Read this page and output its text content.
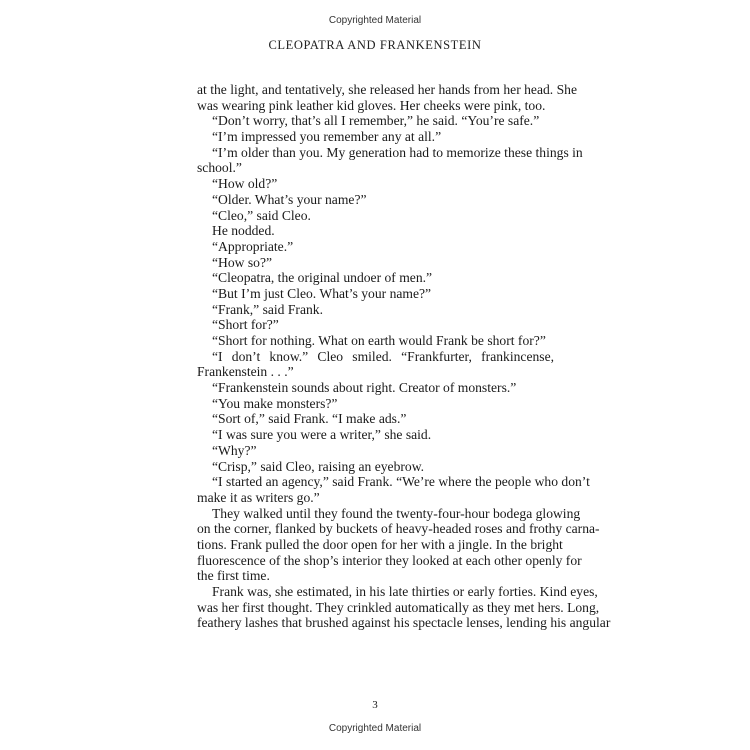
Copyrighted Material
CLEOPATRA AND FRANKENSTEIN
at the light, and tentatively, she released her hands from her head. She
was wearing pink leather kid gloves. Her cheeks were pink, too.
“Don’t worry, that’s all I remember,” he said. “You’re safe.”
“I’m impressed you remember any at all.”
“I’m older than you. My generation had to memorize these things in
school.”
“How old?”
“Older. What’s your name?”
“Cleo,” said Cleo.
He nodded.
“Appropriate.”
“How so?”
“Cleopatra, the original undoer of men.”
“But I’m just Cleo. What’s your name?”
“Frank,” said Frank.
“Short for?”
“Short for nothing. What on earth would Frank be short for?”
“I don’t know.” Cleo smiled. “Frankfurter, frankincense,
Frankenstein . . .”
“Frankenstein sounds about right. Creator of monsters.”
“You make monsters?”
“Sort of,” said Frank. “I make ads.”
“I was sure you were a writer,” she said.
“Why?”
“Crisp,” said Cleo, raising an eyebrow.
“I started an agency,” said Frank. “We’re where the people who don’t
make it as writers go.”
They walked until they found the twenty-four-hour bodega glowing
on the corner, flanked by buckets of heavy-headed roses and frothy carna-
tions. Frank pulled the door open for her with a jingle. In the bright
fluorescence of the shop’s interior they looked at each other openly for
the first time.
Frank was, she estimated, in his late thirties or early forties. Kind eyes,
was her first thought. They crinkled automatically as they met hers. Long,
feathery lashes that brushed against his spectacle lenses, lending his angular
3
Copyrighted Material
